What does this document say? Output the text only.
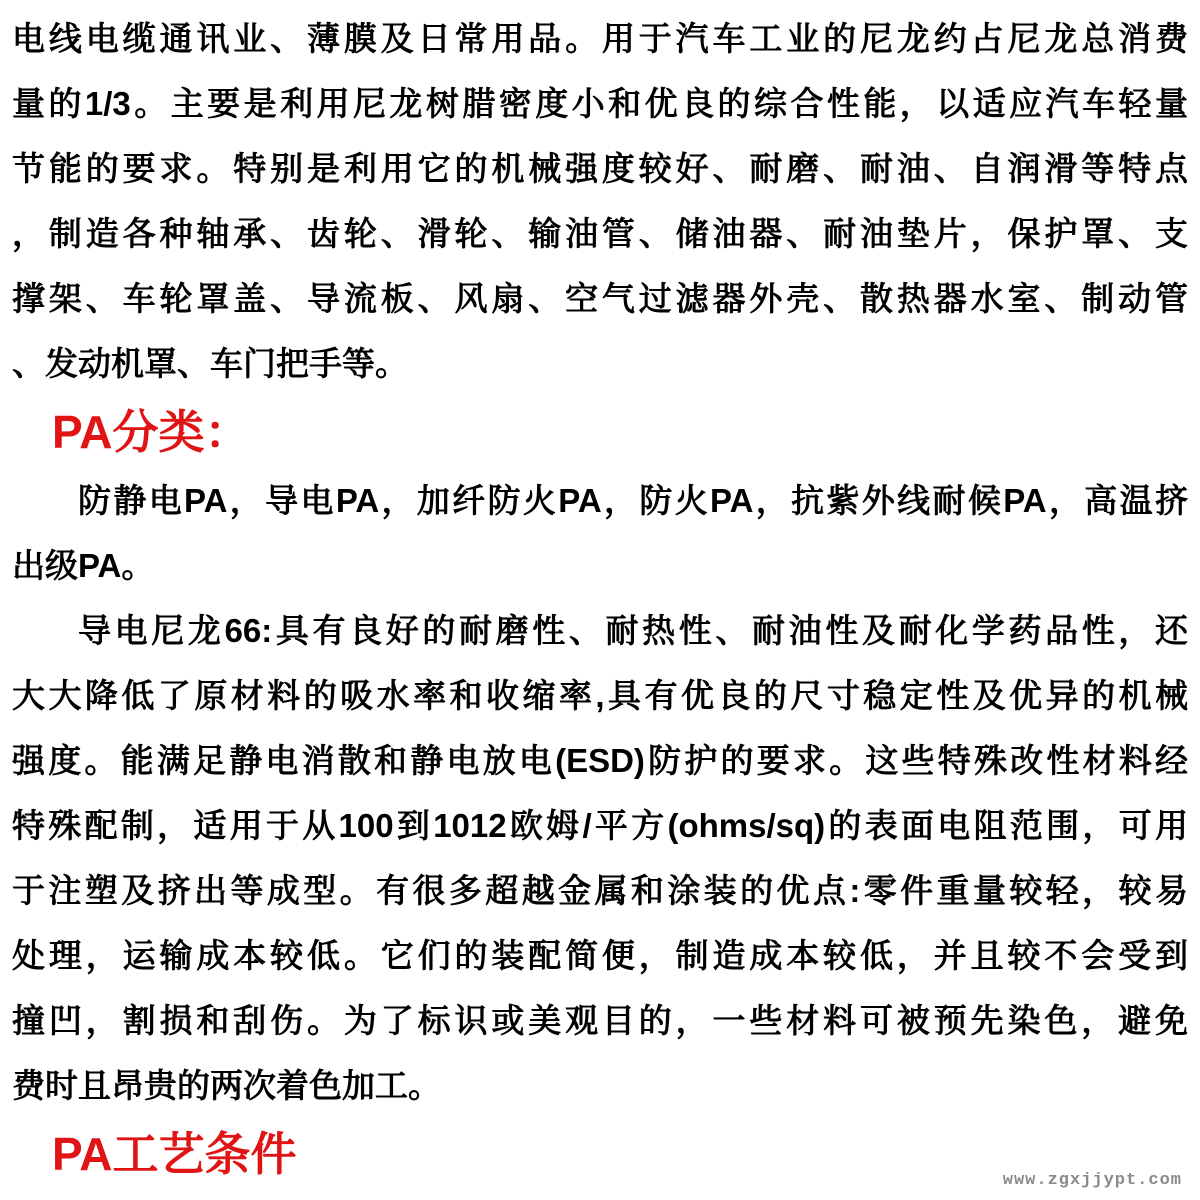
电线电缆通讯业、薄膜及日常用品。用于汽车工业的尼龙约占尼龙总消费
量的1/3。主要是利用尼龙树腊密度小和优良的综合性能，以适应汽车轻量
节能的要求。特别是利用它的机械强度较好、耐磨、耐油、自润滑等特点
，制造各种轴承、齿轮、滑轮、输油管、储油器、耐油垫片，保护罩、支
撑架、车轮罩盖、导流板、风扇、空气过滤器外壳、散热器水室、制动管
、发动机罩、车门把手等。
PA分类：
防静电PA，导电PA，加纤防火PA，防火PA，抗紫外线耐候PA，高温挤
出级PA。
导电尼龙66:具有良好的耐磨性、耐热性、耐油性及耐化学药品性，还
大大降低了原材料的吸水率和收缩率,具有优良的尺寸稳定性及优异的机械
强度。能满足静电消散和静电放电(ESD)防护的要求。这些特殊改性材料经
特殊配制，适用于从100到1012欧姆/平方(ohms/sq)的表面电阻范围，可用
于注塑及挤出等成型。有很多超越金属和涂装的优点:零件重量较轻，较易
处理，运输成本较低。它们的装配简便，制造成本较低，并且较不会受到
撞凹，割损和刮伤。为了标识或美观目的，一些材料可被预先染色，避免
费时且昂贵的两次着色加工。
PA工艺条件
www.zgxjjypt.com
